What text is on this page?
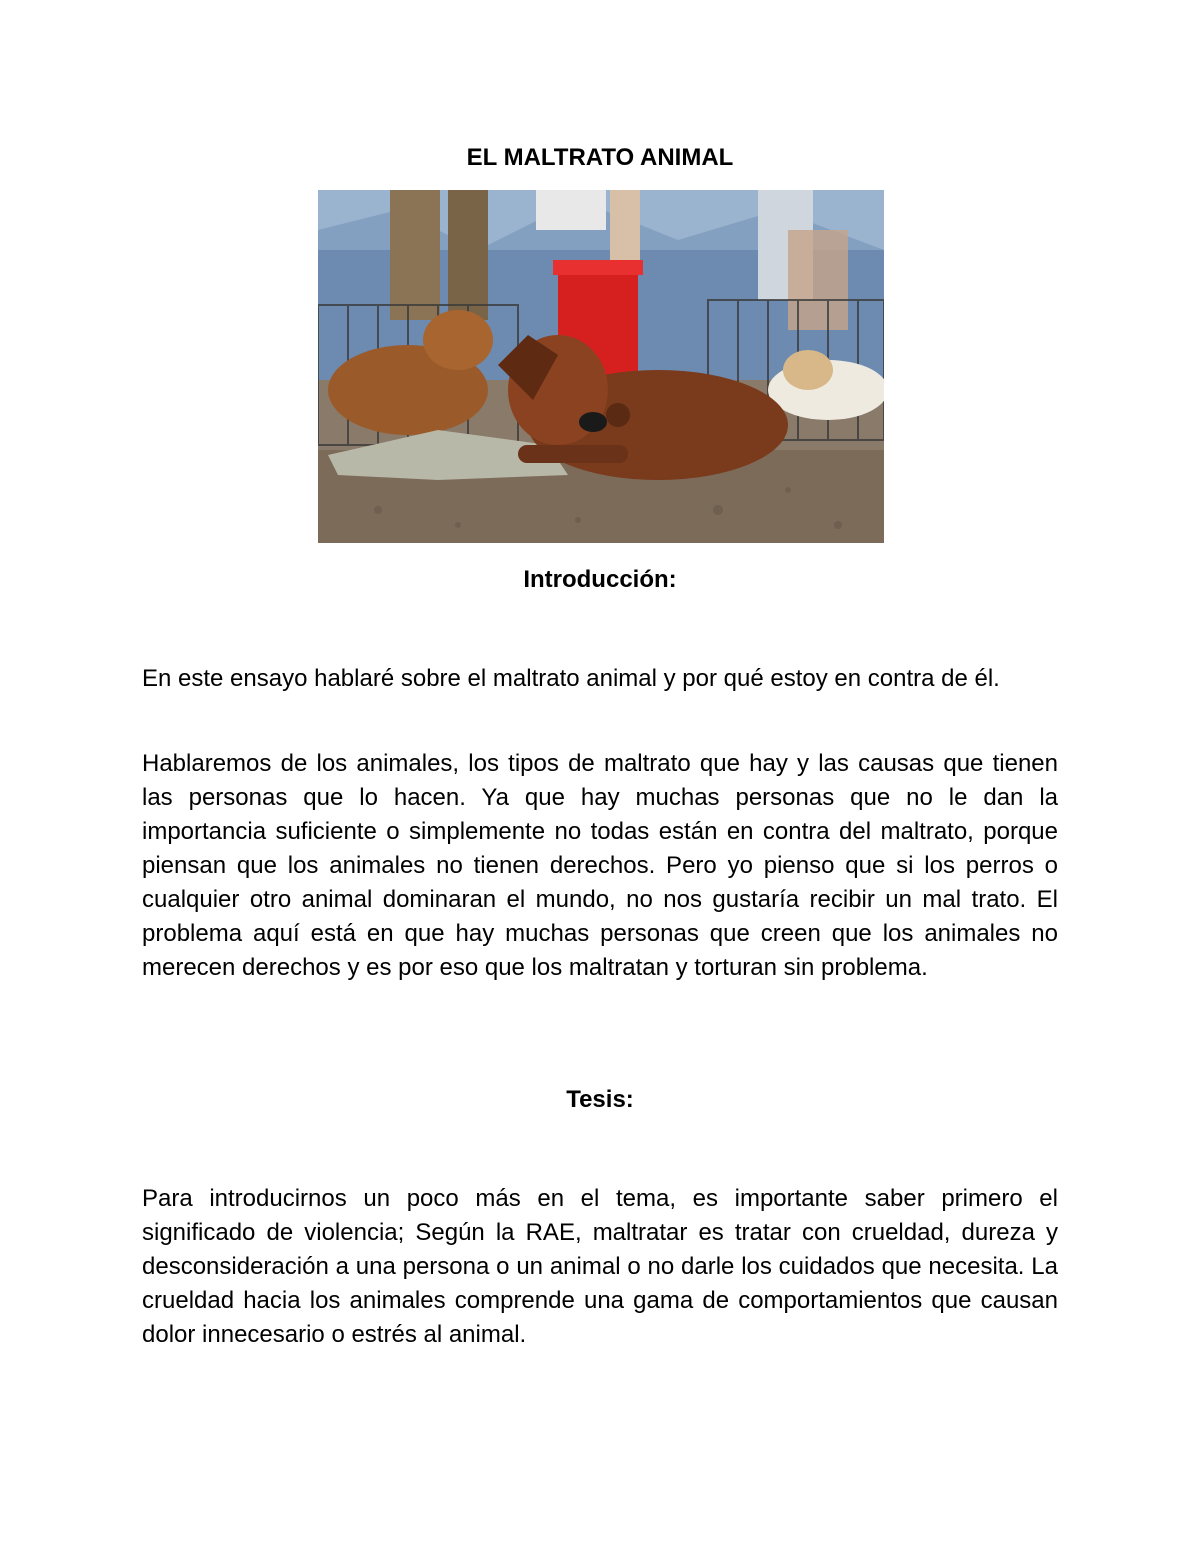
EL MALTRATO ANIMAL
Introducción:

En este ensayo hablaré sobre el maltrato animal y por qué estoy en contra de él.

Hablaremos de los animales, los tipos de maltrato que hay y las causas que tienen las personas que lo hacen. Ya que hay muchas personas que no le dan la importancia suficiente o simplemente no todas están en contra del maltrato, porque piensan que los animales no tienen derechos. Pero yo pienso que si los perros o cualquier otro animal dominaran el mundo, no nos gustaría recibir un mal trato. El problema aquí está en que hay muchas personas que creen que los animales no merecen derechos y es por eso que los maltratan y torturan sin problema.

Tesis:

Para introducirnos un poco más en el tema, es importante saber primero el significado de violencia; Según la RAE, maltratar es tratar con crueldad, dureza y desconsideración a una persona o un animal o no darle los cuidados que necesita. La crueldad hacia los animales comprende una gama de comportamientos que causan dolor innecesario o estrés al animal.
